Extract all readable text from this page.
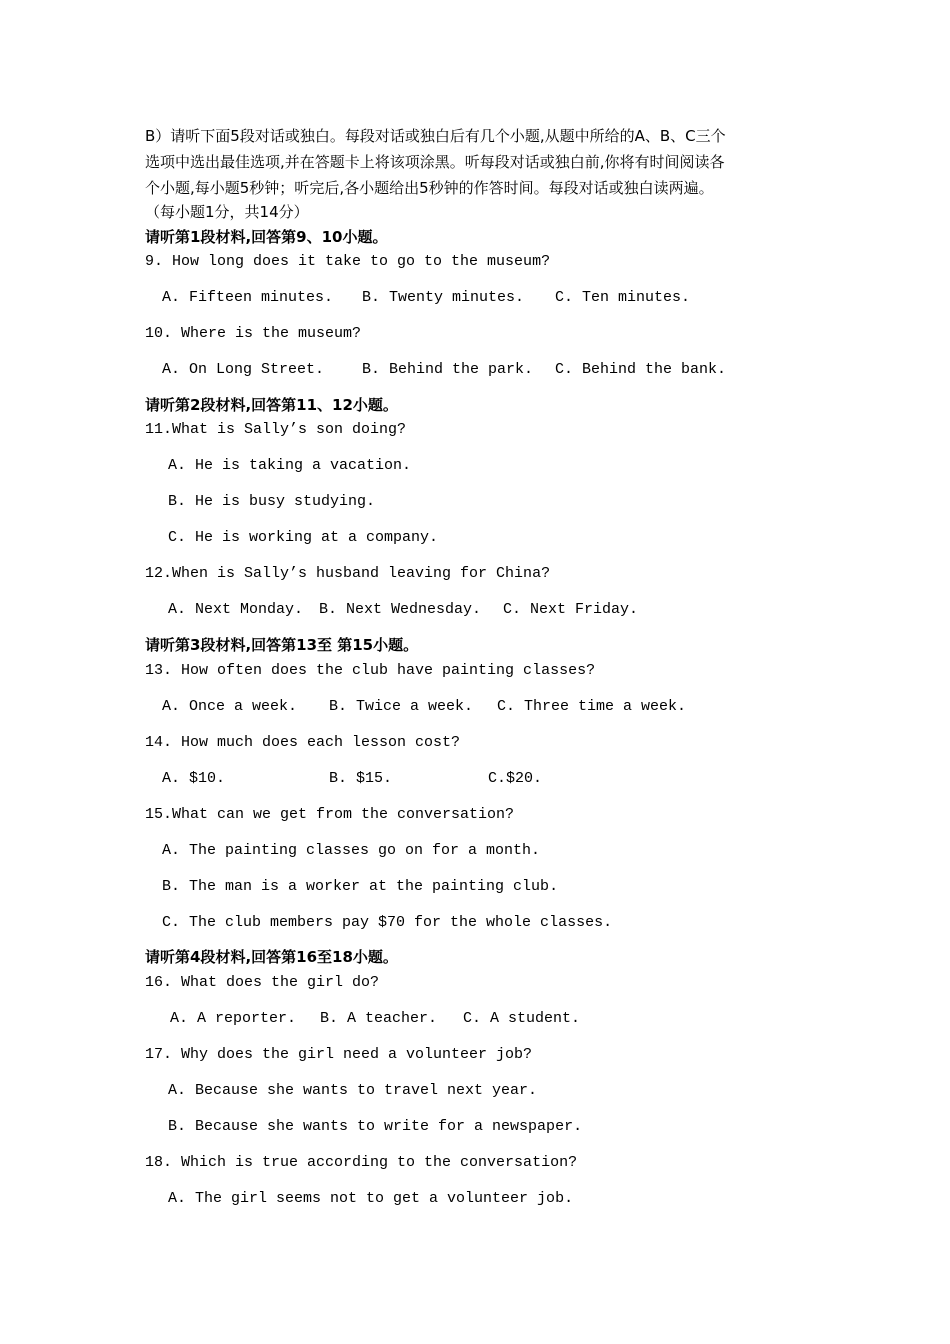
B）请听下面5段对话或独白。每段对话或独白后有几个小题,从题中所给的A、B、C三个

选项中选出最佳选项,并在答题卡上将该项涂黑。听每段对话或独白前,你将有时间阅读各

个小题,每小题5秒钟；听完后,各小题给出5秒钟的作答时间。每段对话或独白读两遍。

（每小题1分，共14分）

请听第1段材料,回答第9、10小题。

9. How long does it take to go to the museum?

A. Fifteen minutes. B. Twenty minutes. C. Ten minutes.

10. Where is the museum?

A. On Long Street.	B. Behind the park. C. Behind the bank.

请听第2段材料,回答第11、12小题。

11.What is Sally’s son doing?

A. He is taking a vacation.

B. He is busy studying.

C. He is working at a company.

12.When is Sally’s husband leaving for China?

A. Next Monday. B. Next Wednesday. C. Next Friday.

请听第3段材料,回答第13至 第15小题。

13. How often does the club have painting classes?

A. Once a week. B. Twice a week. C. Three time a week.

14. How much does each lesson cost?

A. $10.	B. $15.	C.$20.

15.What can we get from the conversation?

A. The painting classes go on for a month.

B. The man is a worker at the painting club.

C. The club members pay $70 for the whole classes.

请听第4段材料,回答第16至18小题。

16. What does the girl do?

A. A reporter. B. A teacher. C. A student.

17. Why does the girl need a volunteer job?

A. Because she wants to travel next year.

B. Because she wants to write for a newspaper.

18. Which is true according to the conversation?

A. The girl seems not to get a volunteer job.
